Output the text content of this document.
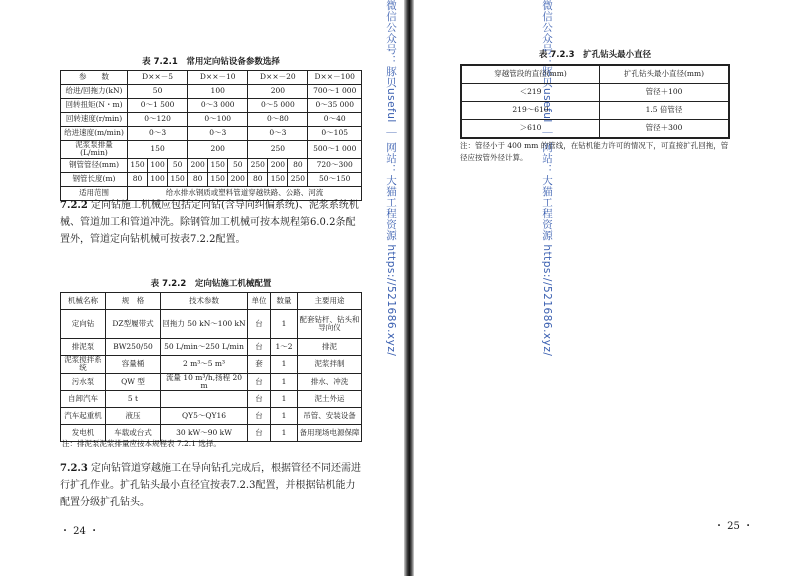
表 7.2.1　常用定向钻设备参数选择
参　　数	D××－5			D××－10			D××－20			D××－100
给进/回拖力(kN)	50			100			200			700～1 000
回转扭矩(N・m)	0～1 500			0～3 000			0～5 000			0～35 000
回转速度(r/min)	0～120			0～100			0～80			0～40
给进速度(m/min)	0～3			0～3			0～3			0～105
泥浆泵排量(L/min)	150			200			250			500～1 000
钢管管径(mm)	150	100	50	200	150	50	250	200	80	720～300
钢管长度(m)	80	100	150	80	150	200	80	150	250	50～150
适用范围	给水排水钢质或塑料管道穿越铁路、公路、河流									
7.2.2 定向钻施工机械应包括定向钻(含导向纠偏系统)、泥浆系统机械、管道加工和管道冲洗。除钢管加工机械可按本规程第6.0.2条配置外，管道定向钻机械可按表7.2.2配置。
表 7.2.2　定向钻施工机械配置
机械名称	规　格	技术参数	单位	数量	主要用途
定向钻	DZ型履带式	回拖力 50 kN～100 kN	台	1	配套钻杆、钻头和导向仪
排泥泵	BW250/50	50 L/min～250 L/min	台	1～2	排泥
泥浆搅拌系统	容量桶	2 m³～5 m³	套	1	泥浆拌制
污水泵	QW 型	流量 10 m³/h,扬程 20 m	台	1	排水、冲洗
自卸汽车	5 t		台	1	泥土外运
汽车起重机	液压	QY5～QY16	台	1	吊管、安装设备
发电机	车载或台式	30 kW～90 kW	台	1	备用现场电源保障
注：排泥泵泥浆排量应按本规程表 7.2.1 选择。
7.2.3 定向钻管道穿越施工在导向钻孔完成后，根据管径不同还需进行扩孔作业。扩孔钻头最小直径宜按表7.2.3配置，并根据钻机能力配置分级扩孔钻头。
・ 24 ・
微信公众号：豚贝useful ｜ 网站：大猫工程资源 https://521686.xyz/	表 7.2.3　扩孔钻头最小直径
微信公众号：豚贝useful ｜ 网站：大猫工程资源 https://521686.xyz/
注：管径小于 400 mm 的管线，在钻机能力许可的情况下，可直接扩孔回拖，管径应按管外径计算。
・ 25 ・
穿越管段的直径(mm)	扩孔钻头最小直径(mm)
＜219	管径＋100
219～610	1.5 倍管径
＞610	管径＋300
